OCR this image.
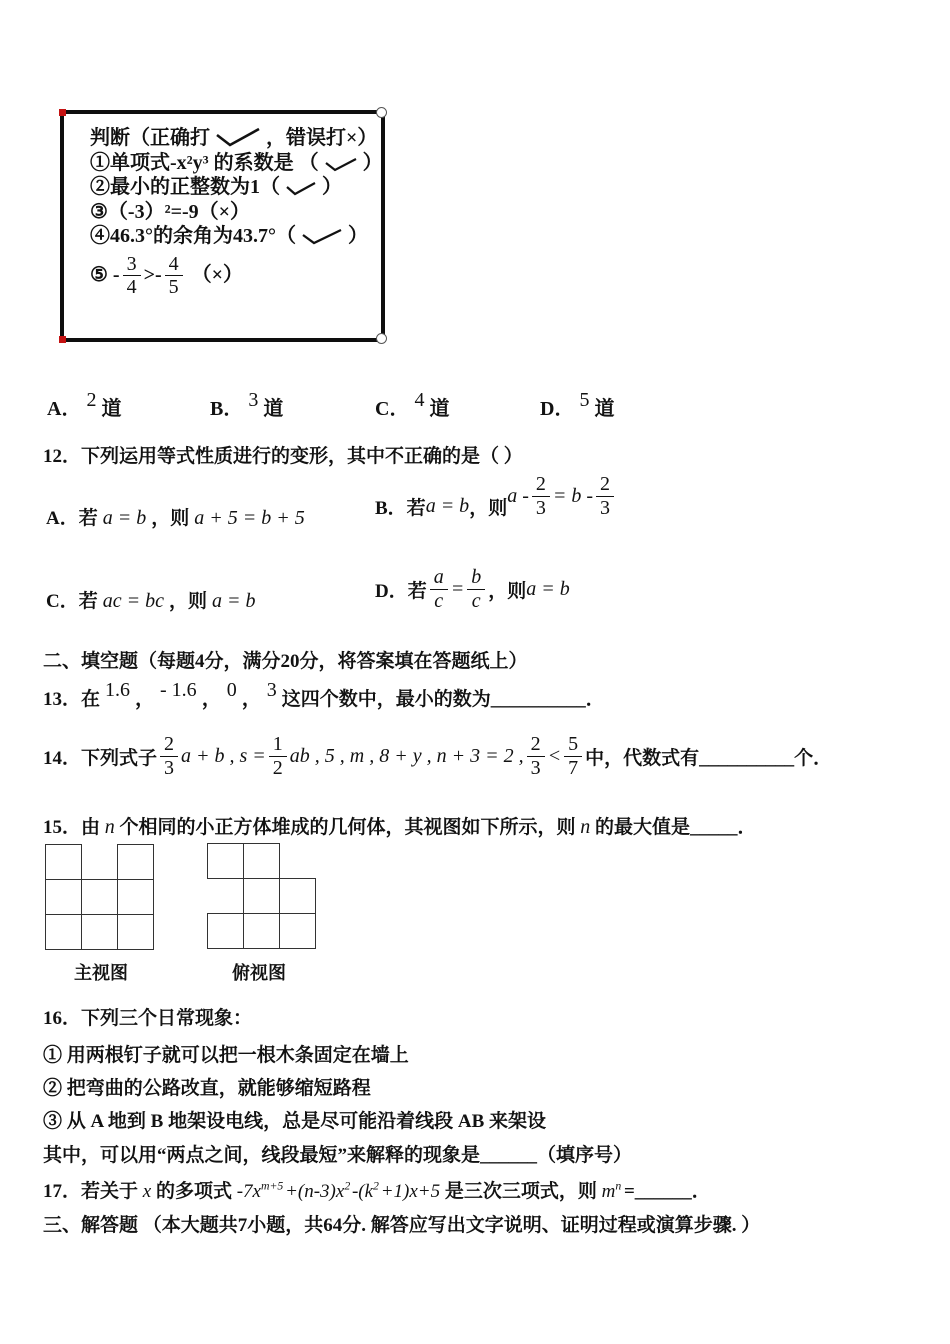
判断（正确打	，错误打×）
①单项式-x²y³ 的系数是 （ ）
②最小的正整数为1（  ）
③（-3）²=-9（×）
④46.3°的余角为43.7°（  ）
⑤ - $\frac{3}{4} >- \frac{4}{5}$ （×）
A． 2 道	B． 3 道	C． 4 道	D． 5 道
12．下列运用等式性质进行的变形，其中不正确的是（ ）
A．若 a = b ，则 a + 5 = b + 5	B．若 a = b ，则
$a - \frac{2}{3} = b - \frac{2}{3}$
C．若 ac = bc ，则 a = b	D．若 $\frac{a}{c} = \frac{b}{c}$ ，则 a = b
二、填空题（每题4分，满分20分，将答案填在答题纸上）
13．在 1.6 ， - 1.6 ， 0 ， 3 这四个数中，最小的数为__________．
14．下列式子 $\frac{2}{3}$ a + b , $s = \frac{1}{2}$ ab , 5 , m , 8 + y , n + 3 = 2 , $\frac{2}{3} < \frac{5}{7}$ 中，代数式有__________个．
15．由 n 个相同的小正方体堆成的几何体，其视图如下所示，则 n 的最大值是_____．
主视图	俯视图
16．下列三个日常现象：
① 用两根钉子就可以把一根木条固定在墙上
② 把弯曲的公路改直，就能够缩短路程
③ 从 A 地到 B 地架设电线，总是尽可能沿着线段 AB 来架设
其中，可以用“两点之间，线段最短”来解释的现象是______（填序号）
17．若关于 x 的多项式 $-7x^{m+5} +(n-3)x^2$ $-(k^2 +1)x+5$ 是三次三项式，则 $m^n$ =______．
三、解答题 （本大题共7小题，共64分. 解答应写出文字说明、证明过程或演算步骤. ）
